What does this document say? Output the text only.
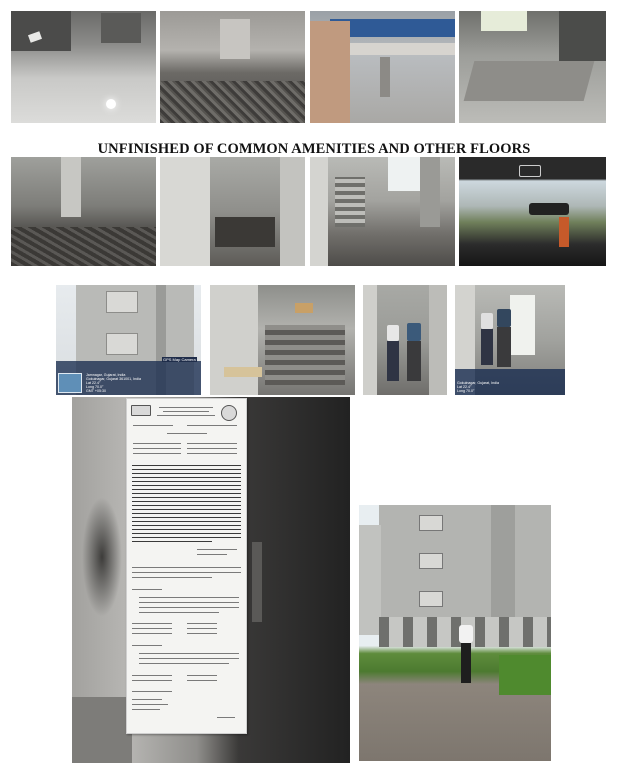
UNFINISHED OF COMMON AMENITIES AND OTHER FLOORS
Jamnagar, Gujarat, India
Gokulnagar, Gujarat 361001, India
Lat 22.4°
Long 70.0°
GMT +05:30
GPS Map Camera
Gokulnagar, Gujarat, India
Lat 22.4°
Long 70.0°
